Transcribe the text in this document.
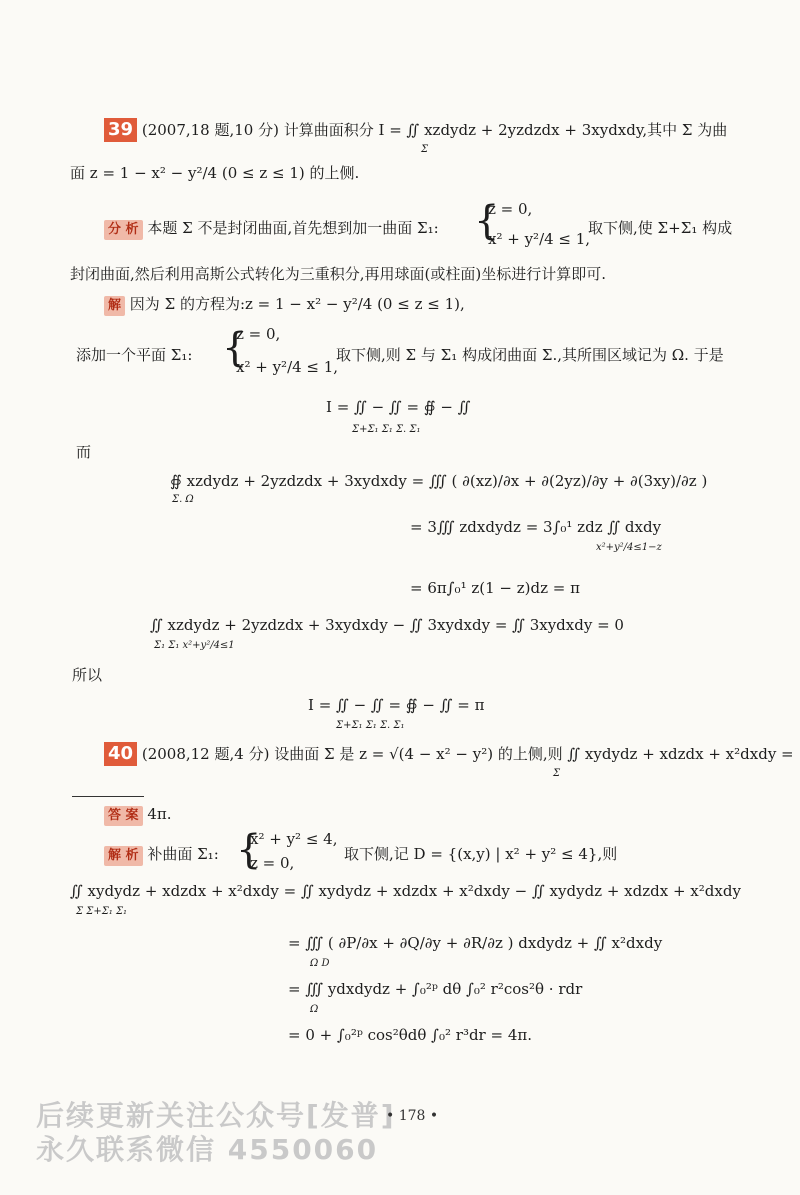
39 (2007,18 题,10 分) 计算曲面积分 I = ∬ xzdydz + 2yzdzdx + 3xydxdy,其中 Σ 为曲
Σ
面 z = 1 − x² − y²/4 (0 ≤ z ≤ 1) 的上侧.
分 析 本题 Σ 不是封闭曲面,首先想到加一曲面 Σ₁: {
z = 0,
x² + y²/4 ≤ 1,
取下侧,使 Σ+Σ₁ 构成
封闭曲面,然后利用高斯公式转化为三重积分,再用球面(或柱面)坐标进行计算即可.
解 因为 Σ 的方程为:z = 1 − x² − y²/4 (0 ≤ z ≤ 1),
添加一个平面 Σ₁: {
z = 0,
x² + y²/4 ≤ 1,
取下侧,则 Σ 与 Σ₁ 构成闭曲面 Σ.,其所围区域记为 Ω. 于是
I = ∬ − ∬ = ∯ − ∬
Σ+Σ₁ Σ₁ Σ. Σ₁
而
∯ xzdydz + 2yzdzdx + 3xydxdy = ∭ ( ∂(xz)/∂x + ∂(2yz)/∂y + ∂(3xy)/∂z )
Σ. Ω
= 3∭ zdxdydz = 3∫₀¹ zdz ∬ dxdy
x²+y²/4≤1−z
= 6π∫₀¹ z(1 − z)dz = π
∬ xzdydz + 2yzdzdx + 3xydxdy − ∬ 3xydxdy = ∬ 3xydxdy = 0
Σ₁ Σ₁ x²+y²/4≤1
所以
I = ∬ − ∬ = ∯ − ∬ = π
Σ+Σ₁ Σ₁ Σ. Σ₁
40 (2008,12 题,4 分) 设曲面 Σ 是 z = √(4 − x² − y²) 的上侧,则 ∬ xydydz + xdzdx + x²dxdy =
Σ
答 案 4π.
解 析 补曲面 Σ₁: {
x² + y² ≤ 4,
z = 0,	取下侧,记 D = {(x,y) | x² + y² ≤ 4},则
∬ xydydz + xdzdx + x²dxdy = ∬ xydydz + xdzdx + x²dxdy − ∬ xydydz + xdzdx + x²dxdy
Σ Σ+Σ₁ Σ₁
= ∭ ( ∂P/∂x + ∂Q/∂y + ∂R/∂z ) dxdydz + ∬ x²dxdy
Ω D
= ∭ ydxdydz + ∫₀²ᵖ dθ ∫₀² r²cos²θ · rdr
Ω
= 0 + ∫₀²ᵖ cos²θdθ ∫₀² r³dr = 4π.
后续更新关注公众号[发普]
永久联系微信 4550060
• 178 •
